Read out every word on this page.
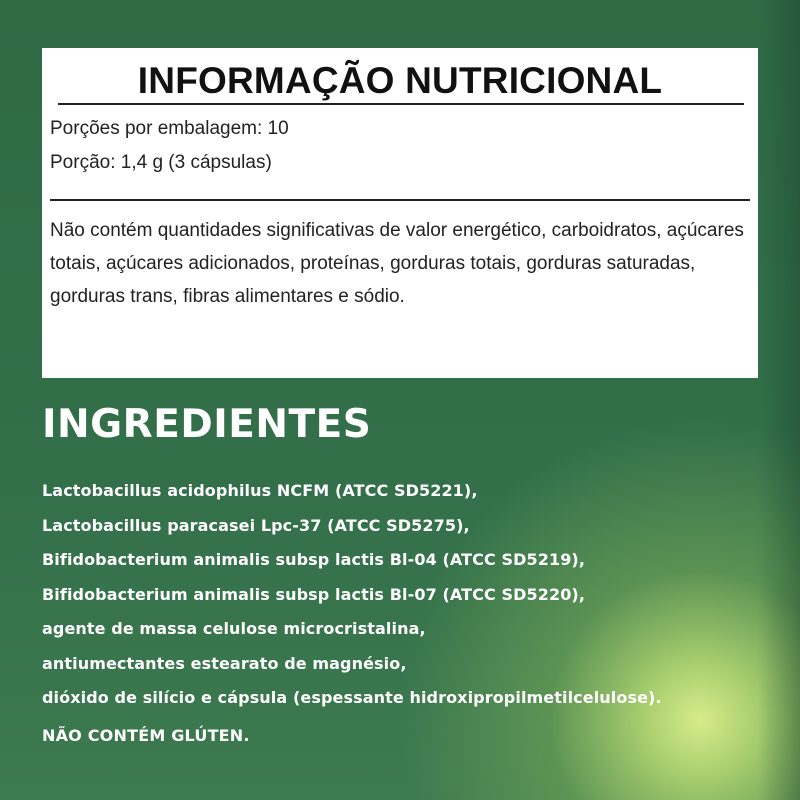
INFORMAÇÃO NUTRICIONAL
Porções por embalagem: 10
Porção: 1,4 g (3 cápsulas)
Não contém quantidades significativas de valor energético, carboidratos, açúcares totais, açúcares adicionados, proteínas, gorduras totais, gorduras saturadas, gorduras trans, fibras alimentares e sódio.
INGREDIENTES
Lactobacillus acidophilus NCFM (ATCC SD5221),
Lactobacillus paracasei Lpc-37 (ATCC SD5275),
Bifidobacterium animalis subsp lactis Bl-04 (ATCC SD5219),
Bifidobacterium animalis subsp lactis Bl-07 (ATCC SD5220),
agente de massa celulose microcristalina,
antiumectantes estearato de magnésio,
dióxido de silício e cápsula (espessante hidroxipropilmetilcelulose).
NÃO CONTÉM GLÚTEN.
